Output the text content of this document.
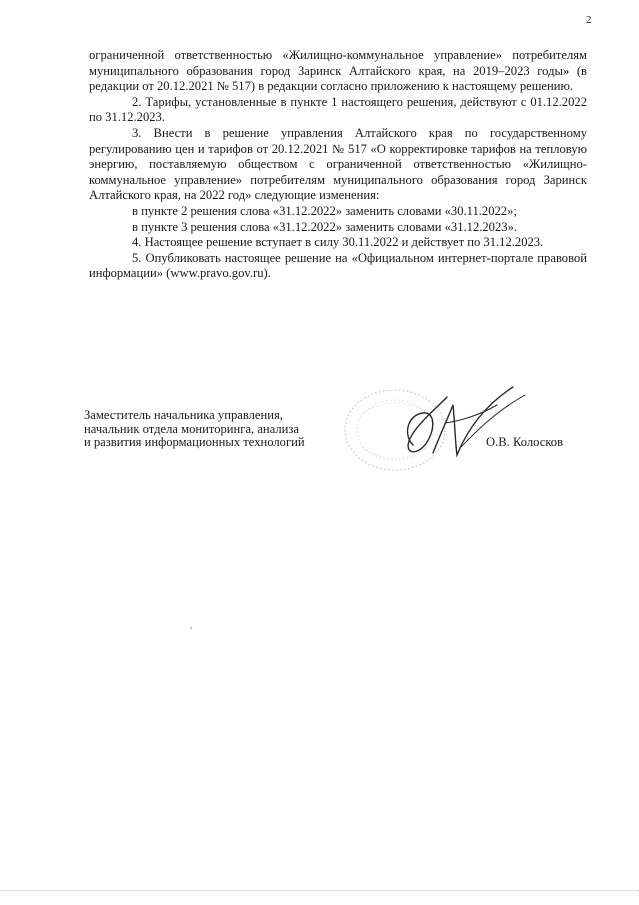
2

ограниченной ответственностью «Жилищно-коммунальное управление» потребителям муниципального образования город Заринск Алтайского края, на 2019–2023 годы» (в редакции от 20.12.2021 № 517) в редакции согласно приложению к настоящему решению.

2. Тарифы, установленные в пункте 1 настоящего решения, действуют с 01.12.2022 по 31.12.2023.

3. Внести в решение управления Алтайского края по государственному регулированию цен и тарифов от 20.12.2021 № 517 «О корректировке тарифов на тепловую энергию, поставляемую обществом с ограниченной ответственностью «Жилищно-коммунальное управление» потребителям муниципального образования город Заринск Алтайского края, на 2022 год» следующие изменения:

в пункте 2 решения слова «31.12.2022» заменить словами «30.11.2022»;

в пункте 3 решения слова «31.12.2022» заменить словами «31.12.2023».

4. Настоящее решение вступает в силу 30.11.2022 и действует по 31.12.2023.

5. Опубликовать настоящее решение на «Официальном интернет-портале правовой информации» (www.pravo.gov.ru).

Заместитель начальника управления,
начальник отдела мониторинга, анализа
и развития информационных технологий	О.В. Колосков
